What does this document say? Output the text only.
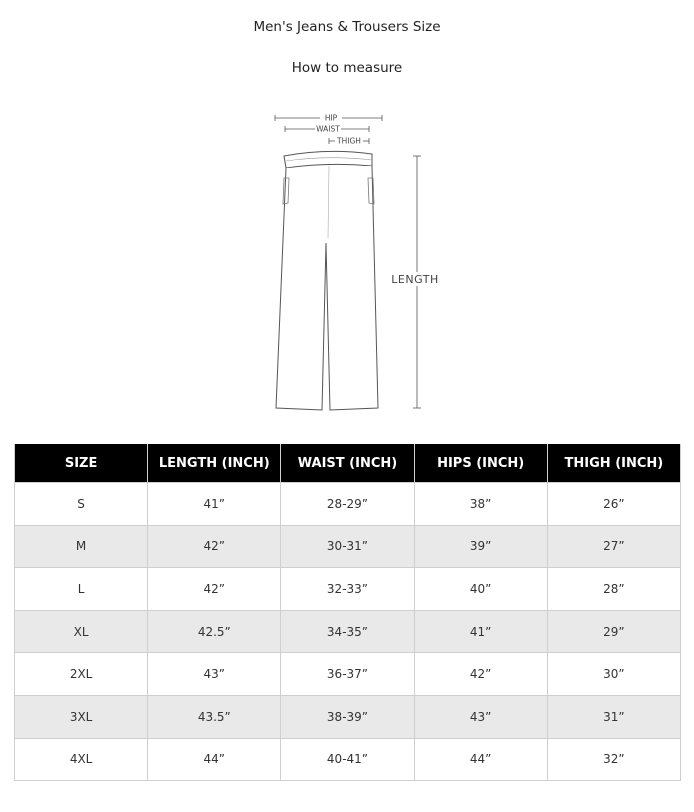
Men's Jeans & Trousers Size
How to measure
HIP
WAIST
THIGH
LENGTH
SIZE	LENGTH (INCH)	WAIST (INCH)	HIPS (INCH)	THIGH (INCH)
S	41”	28-29”	38”	26”
M	42”	30-31”	39”	27”
L	42”	32-33”	40”	28”
XL	42.5”	34-35”	41”	29”
2XL	43”	36-37”	42”	30”
3XL	43.5”	38-39”	43”	31”
4XL	44”	40-41”	44”	32”
